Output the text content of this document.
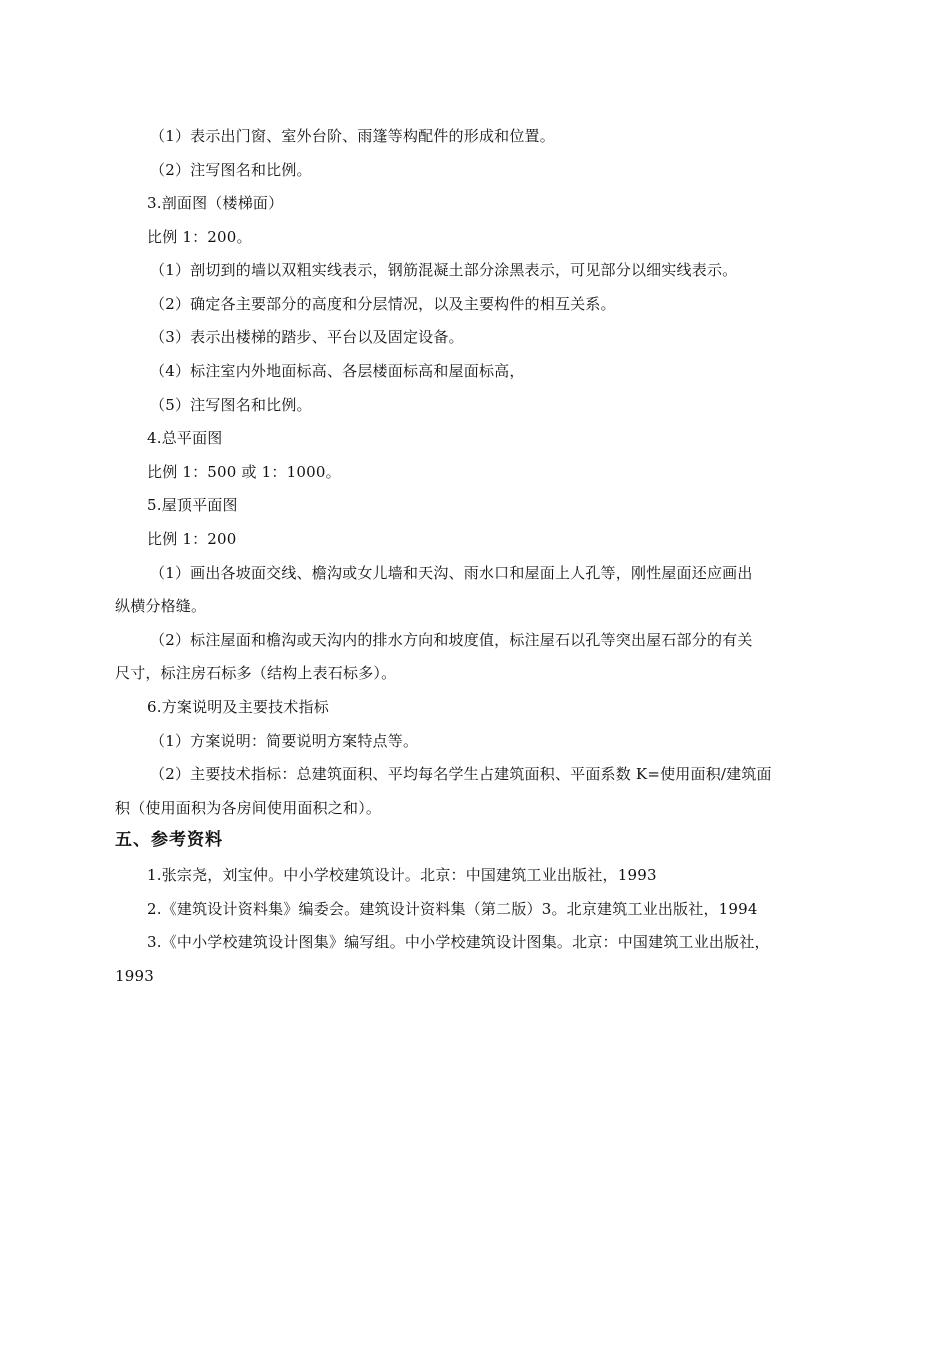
（1）表示出门窗、室外台阶、雨篷等构配件的形成和位置。
（2）注写图名和比例。
3.剖面图（楼梯面）
比例 1：200。
（1）剖切到的墙以双粗实线表示，钢筋混凝土部分涂黑表示，可见部分以细实线表示。
（2）确定各主要部分的高度和分层情况，以及主要构件的相互关系。
（3）表示出楼梯的踏步、平台以及固定设备。
（4）标注室内外地面标高、各层楼面标高和屋面标高，
（5）注写图名和比例。
4.总平面图
比例 1：500 或 1：1000。
5.屋顶平面图
比例 1：200
（1）画出各坡面交线、檐沟或女儿墙和天沟、雨水口和屋面上人孔等，刚性屋面还应画出
纵横分格缝。
（2）标注屋面和檐沟或天沟内的排水方向和坡度值，标注屋石以孔等突出屋石部分的有关
尺寸，标注房石标多（结构上表石标多）。
6.方案说明及主要技术指标
（1）方案说明：简要说明方案特点等。
（2）主要技术指标：总建筑面积、平均每名学生占建筑面积、平面系数 K=使用面积/建筑面
积（使用面积为各房间使用面积之和）。
五、参考资料
1.张宗尧，刘宝仲。中小学校建筑设计。北京：中国建筑工业出版社，1993
2.《建筑设计资料集》编委会。建筑设计资料集（第二版）3。北京建筑工业出版社，1994
3.《中小学校建筑设计图集》编写组。中小学校建筑设计图集。北京：中国建筑工业出版社，
1993
